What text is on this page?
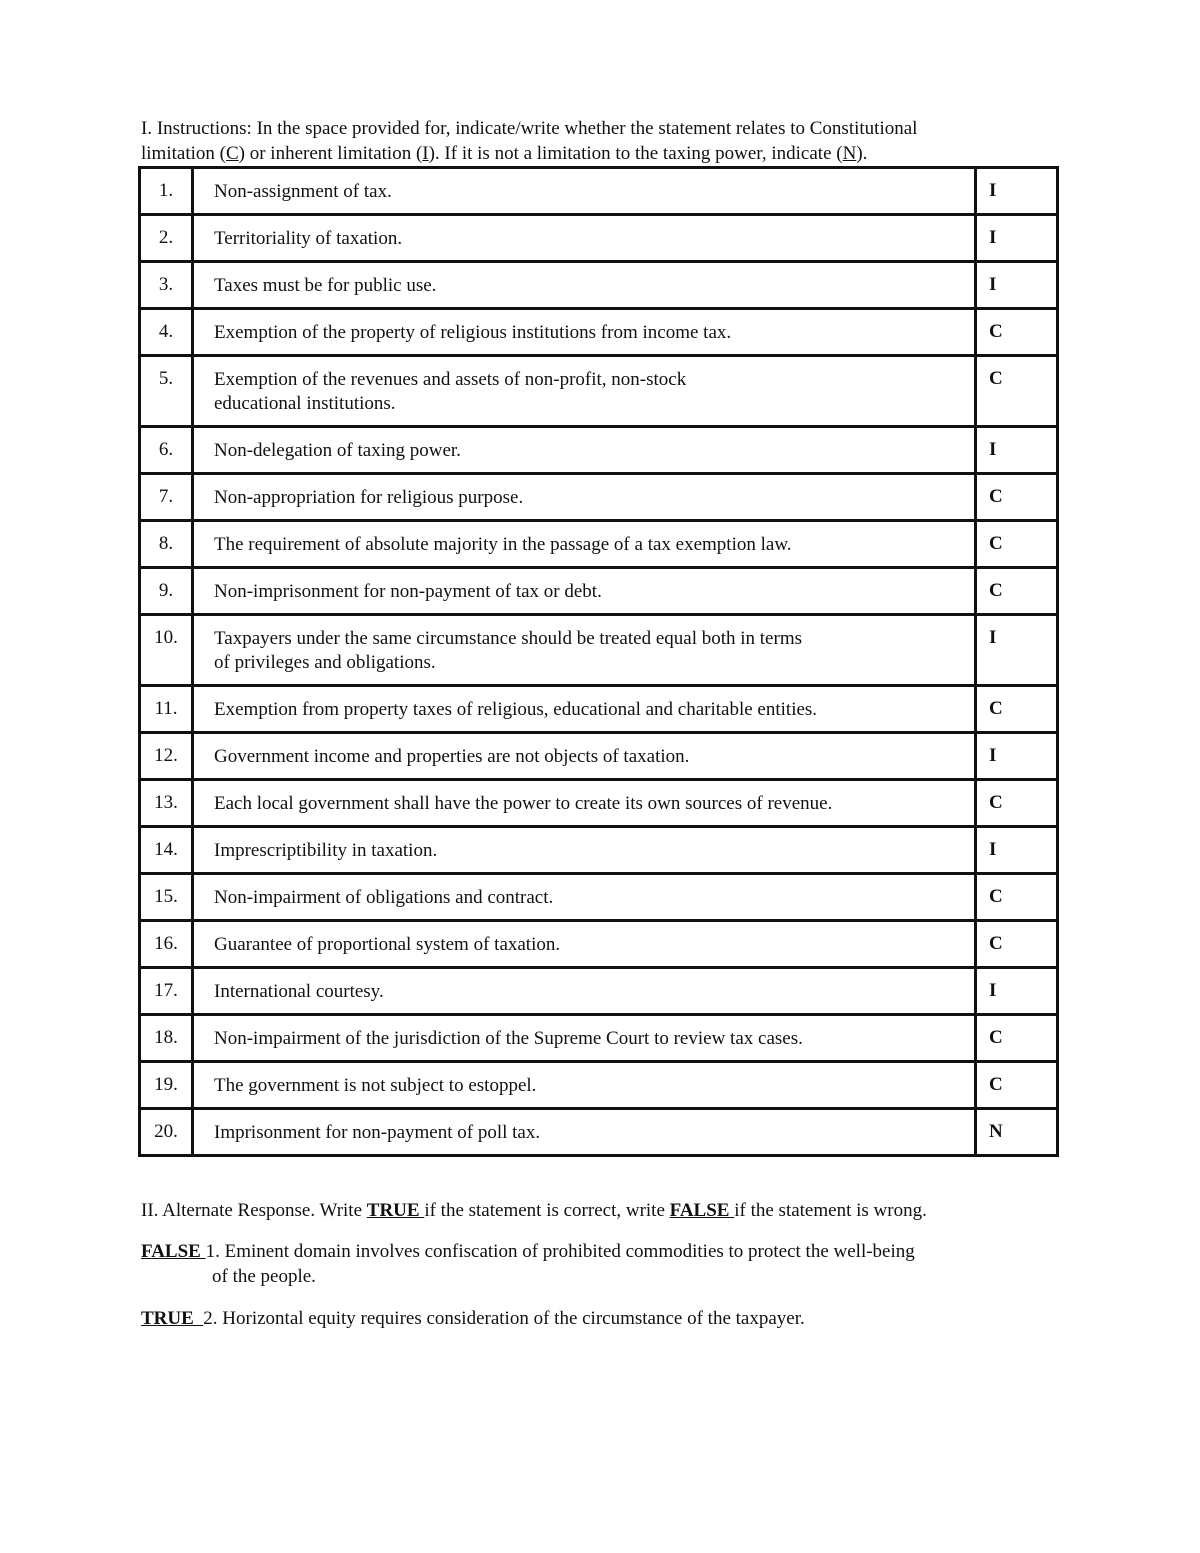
I. Instructions: In the space provided for, indicate/write whether the statement relates to Constitutional

limitation (C) or inherent limitation (I). If it is not a limitation to the taxing power, indicate (N).

1.	Non-assignment of tax.	I
2.	Territoriality of taxation.	I
3.	Taxes must be for public use.	I
4.	Exemption of the property of religious institutions from income tax.	C
5.	Exemption of the revenues and assets of non-profit, non-stock
educational institutions.	C
6.	Non-delegation of taxing power.	I
7.	Non-appropriation for religious purpose.	C
8.	The requirement of absolute majority in the passage of a tax exemption law.	C
9.	Non-imprisonment for non-payment of tax or debt.	C
10.	Taxpayers under the same circumstance should be treated equal both in terms
of privileges and obligations.	I
11.	Exemption from property taxes of religious, educational and charitable entities.	C
12.	Government income and properties are not objects of taxation.	I
13.	Each local government shall have the power to create its own sources of revenue.	C
14.	Imprescriptibility in taxation.	I
15.	Non-impairment of obligations and contract.	C
16.	Guarantee of proportional system of taxation.	C
17.	International courtesy.	I
18.	Non-impairment of the jurisdiction of the Supreme Court to review tax cases.	C
19.	The government is not subject to estoppel.	C
20.	Imprisonment for non-payment of poll tax.	N

II. Alternate Response. Write TRUE if the statement is correct, write FALSE if the statement is wrong.

FALSE 1. Eminent domain involves confiscation of prohibited commodities to protect the well-being
of the people.

TRUE  2. Horizontal equity requires consideration of the circumstance of the taxpayer.
